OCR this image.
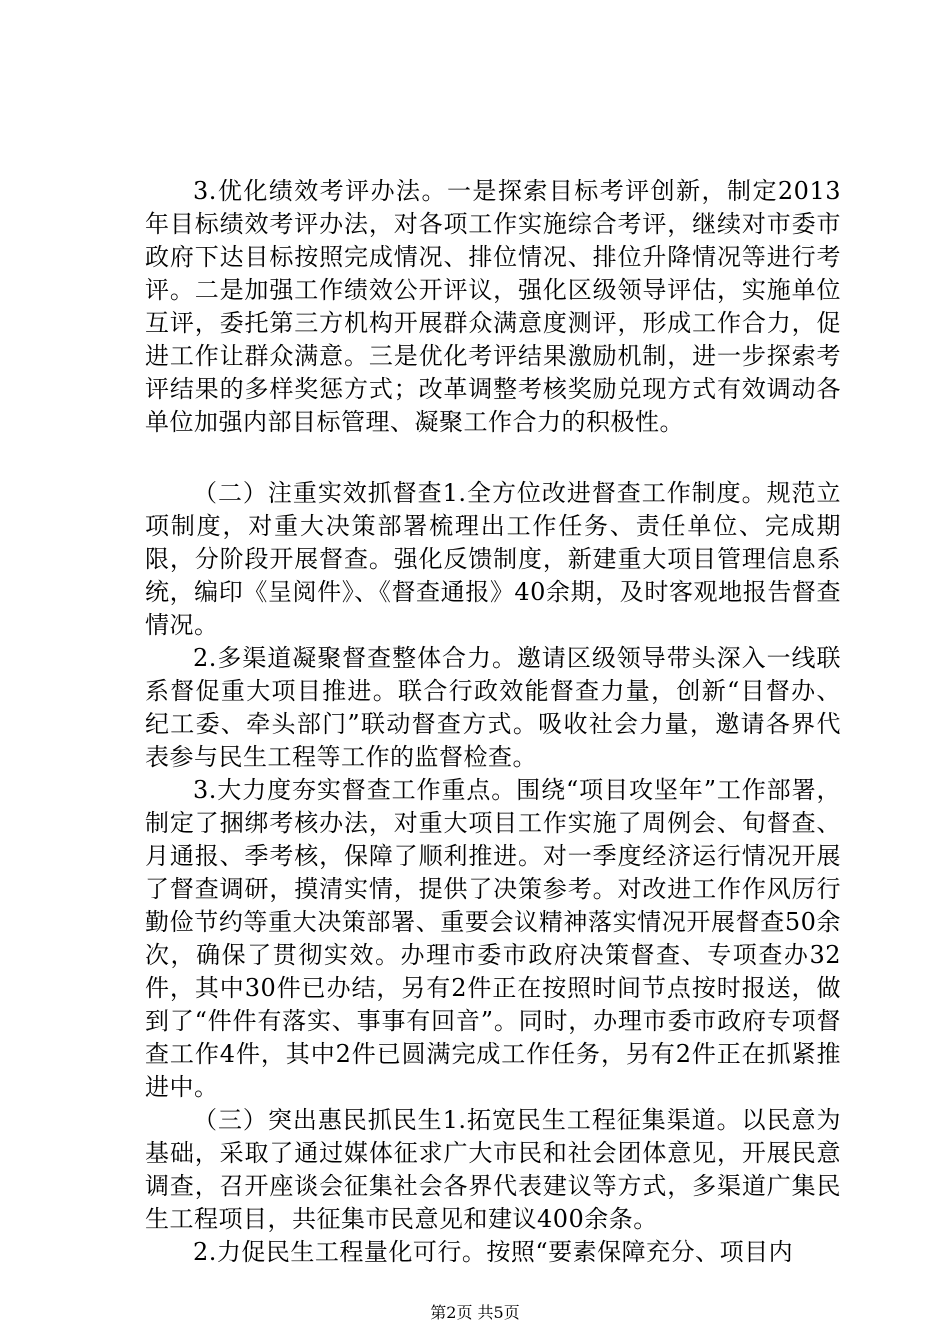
3.优化绩效考评办法。一是探索目标考评创新，制定2013年目标绩效考评办法，对各项工作实施综合考评，继续对市委市政府下达目标按照完成情况、排位情况、排位升降情况等进行考评。二是加强工作绩效公开评议，强化区级领导评估，实施单位互评，委托第三方机构开展群众满意度测评，形成工作合力，促进工作让群众满意。三是优化考评结果激励机制，进一步探索考评结果的多样奖惩方式；改革调整考核奖励兑现方式有效调动各单位加强内部目标管理、凝聚工作合力的积极性。

（二）注重实效抓督查1.全方位改进督查工作制度。规范立项制度，对重大决策部署梳理出工作任务、责任单位、完成期限，分阶段开展督查。强化反馈制度，新建重大项目管理信息系统，编印《呈阅件》、《督查通报》40余期，及时客观地报告督查情况。

2.多渠道凝聚督查整体合力。邀请区级领导带头深入一线联系督促重大项目推进。联合行政效能督查力量，创新“目督办、纪工委、牵头部门”联动督查方式。吸收社会力量，邀请各界代表参与民生工程等工作的监督检查。

3.大力度夯实督查工作重点。围绕“项目攻坚年”工作部署，制定了捆绑考核办法，对重大项目工作实施了周例会、旬督查、月通报、季考核，保障了顺利推进。对一季度经济运行情况开展了督查调研，摸清实情，提供了决策参考。对改进工作作风厉行勤俭节约等重大决策部署、重要会议精神落实情况开展督查50余次，确保了贯彻实效。办理市委市政府决策督查、专项查办32件，其中30件已办结，另有2件正在按照时间节点按时报送，做到了“件件有落实、事事有回音”。同时，办理市委市政府专项督查工作4件，其中2件已圆满完成工作任务，另有2件正在抓紧推进中。

（三）突出惠民抓民生1.拓宽民生工程征集渠道。以民意为基础，采取了通过媒体征求广大市民和社会团体意见，开展民意调查，召开座谈会征集社会各界代表建议等方式，多渠道广集民生工程项目，共征集市民意见和建议400余条。

2.力促民生工程量化可行。按照“要素保障充分、项目内

第2页 共5页
